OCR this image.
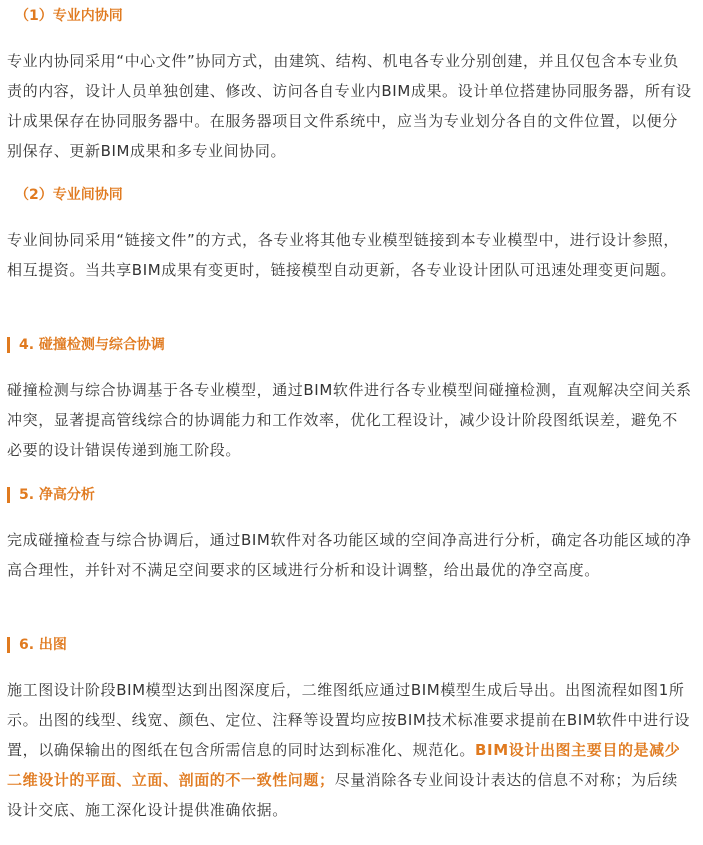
（1）专业内协同

专业内协同采用“中心文件”协同方式，由建筑、结构、机电各专业分别创建，并且仅包含本专业负责的内容，设计人员单独创建、修改、访问各自专业内BIM成果。设计单位搭建协同服务器，所有设计成果保存在协同服务器中。在服务器项目文件系统中，应当为专业划分各自的文件位置，以便分别保存、更新BIM成果和多专业间协同。

（2）专业间协同

专业间协同采用“链接文件”的方式，各专业将其他专业模型链接到本专业模型中，进行设计参照，相互提资。当共享BIM成果有变更时，链接模型自动更新，各专业设计团队可迅速处理变更问题。

4. 碰撞检测与综合协调

碰撞检测与综合协调基于各专业模型，通过BIM软件进行各专业模型间碰撞检测，直观解决空间关系冲突，显著提高管线综合的协调能力和工作效率，优化工程设计，减少设计阶段图纸误差，避免不必要的设计错误传递到施工阶段。

5. 净高分析

完成碰撞检查与综合协调后，通过BIM软件对各功能区域的空间净高进行分析，确定各功能区域的净高合理性，并针对不满足空间要求的区域进行分析和设计调整，给出最优的净空高度。

6. 出图

施工图设计阶段BIM模型达到出图深度后，二维图纸应通过BIM模型生成后导出。出图流程如图1所示。出图的线型、线宽、颜色、定位、注释等设置均应按BIM技术标准要求提前在BIM软件中进行设置，以确保输出的图纸在包含所需信息的同时达到标准化、规范化。BIM设计出图主要目的是减少二维设计的平面、立面、剖面的不一致性问题；尽量消除各专业间设计表达的信息不对称；为后续设计交底、施工深化设计提供准确依据。
